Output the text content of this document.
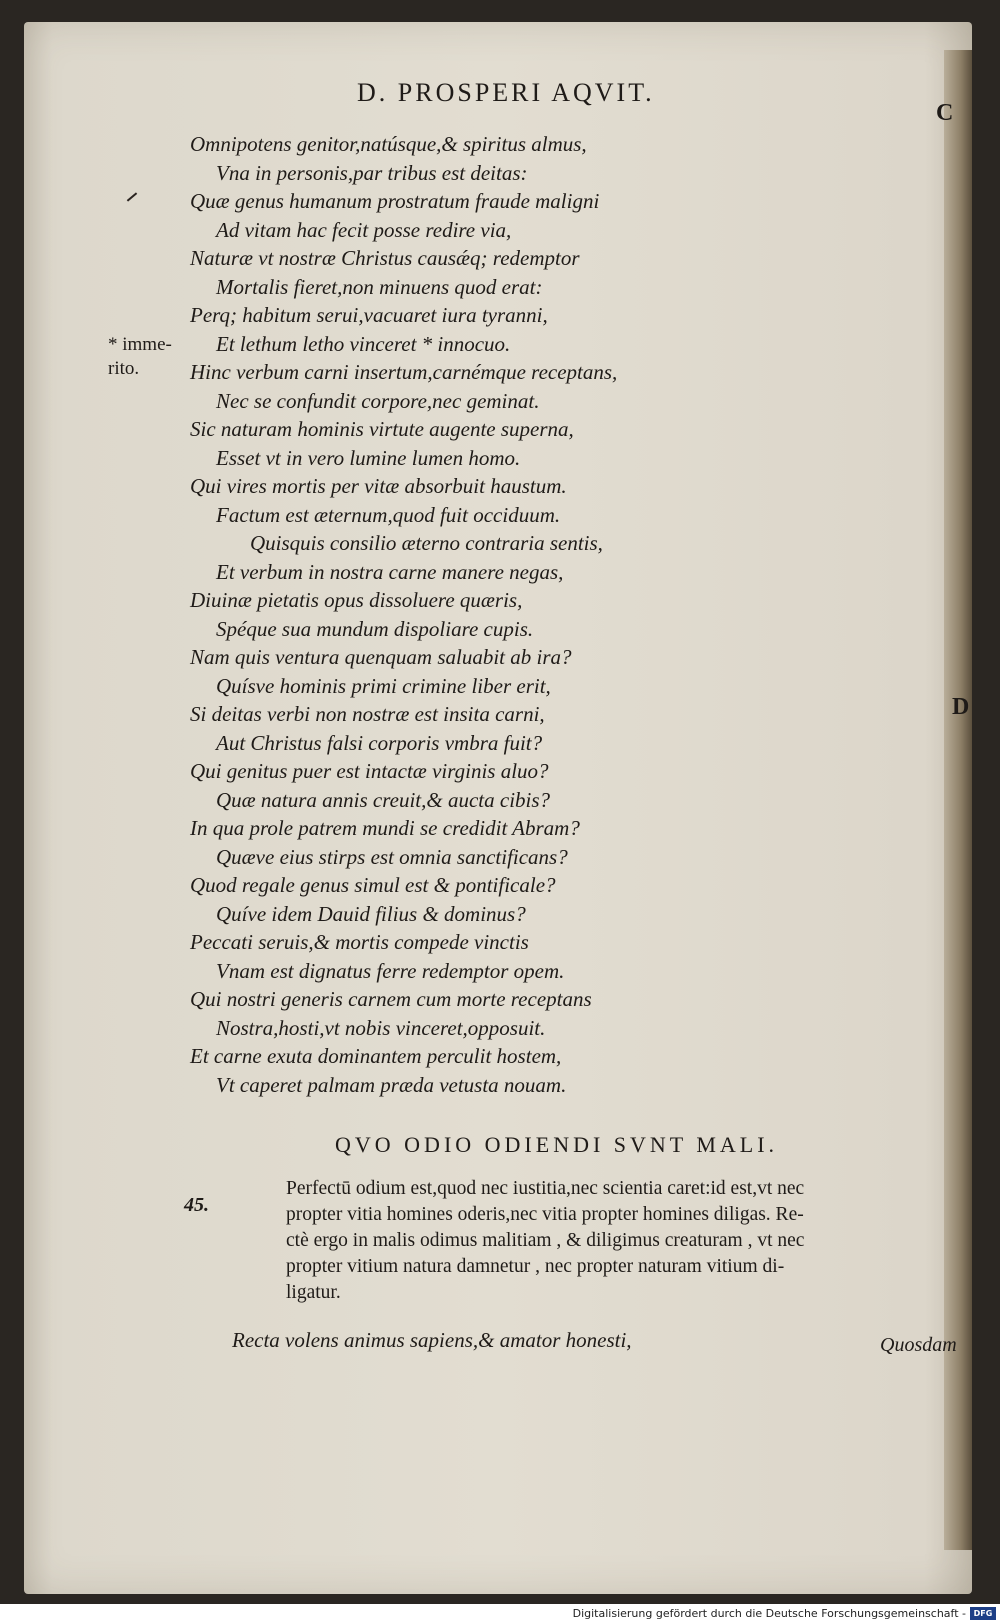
D. PROSPERI AQVIT.
C
D
* imme- rito.
Omnipotens genitor,natúsque,& spiritus almus,
Vna in personis,par tribus est deitas:
Quæ genus humanum prostratum fraude maligni
Ad vitam hac fecit posse redire via,
Naturæ vt nostræ Christus causǽq; redemptor
Mortalis fieret,non minuens quod erat:
Perq; habitum serui,vacuaret iura tyranni,
Et lethum letho vinceret * innocuo.
Hinc verbum carni insertum,carnémque receptans,
Nec se confundit corpore,nec geminat.
Sic naturam hominis virtute augente superna,
Esset vt in vero lumine lumen homo.
Qui vires mortis per vitæ absorbuit haustum.
Factum est æternum,quod fuit occiduum.
Quisquis consilio æterno contraria sentis,
Et verbum in nostra carne manere negas,
Diuinæ pietatis opus dissoluere quæris,
Spéque sua mundum dispoliare cupis.
Nam quis ventura quenquam saluabit ab ira?
Quísve hominis primi crimine liber erit,
Si deitas verbi non nostræ est insita carni,
Aut Christus falsi corporis vmbra fuit?
Qui genitus puer est intactæ virginis aluo?
Quæ natura annis creuit,& aucta cibis?
In qua prole patrem mundi se credidit Abram?
Quæve eius stirps est omnia sanctificans?
Quod regale genus simul est & pontificale?
Quíve idem Dauid filius & dominus?
Peccati seruis,& mortis compede vinctis
Vnam est dignatus ferre redemptor opem.
Qui nostri generis carnem cum morte receptans
Nostra,hosti,vt nobis vinceret,opposuit.
Et carne exuta dominantem perculit hostem,
Vt caperet palmam præda vetusta nouam.
QVO ODIO ODIENDI SVNT MALI.
45.
Perfectū odium est,quod nec iustitia,nec scientia caret:id est,vt nec
propter vitia homines oderis,nec vitia propter homines diligas. Re-
ctè ergo in malis odimus malitiam , & diligimus creaturam , vt nec
propter vitium natura damnetur , nec propter naturam vitium di-
ligatur.
Recta volens animus sapiens,& amator honesti,	Quosdam
Digitalisierung gefördert durch die Deutsche Forschungsgemeinschaft - DFG
